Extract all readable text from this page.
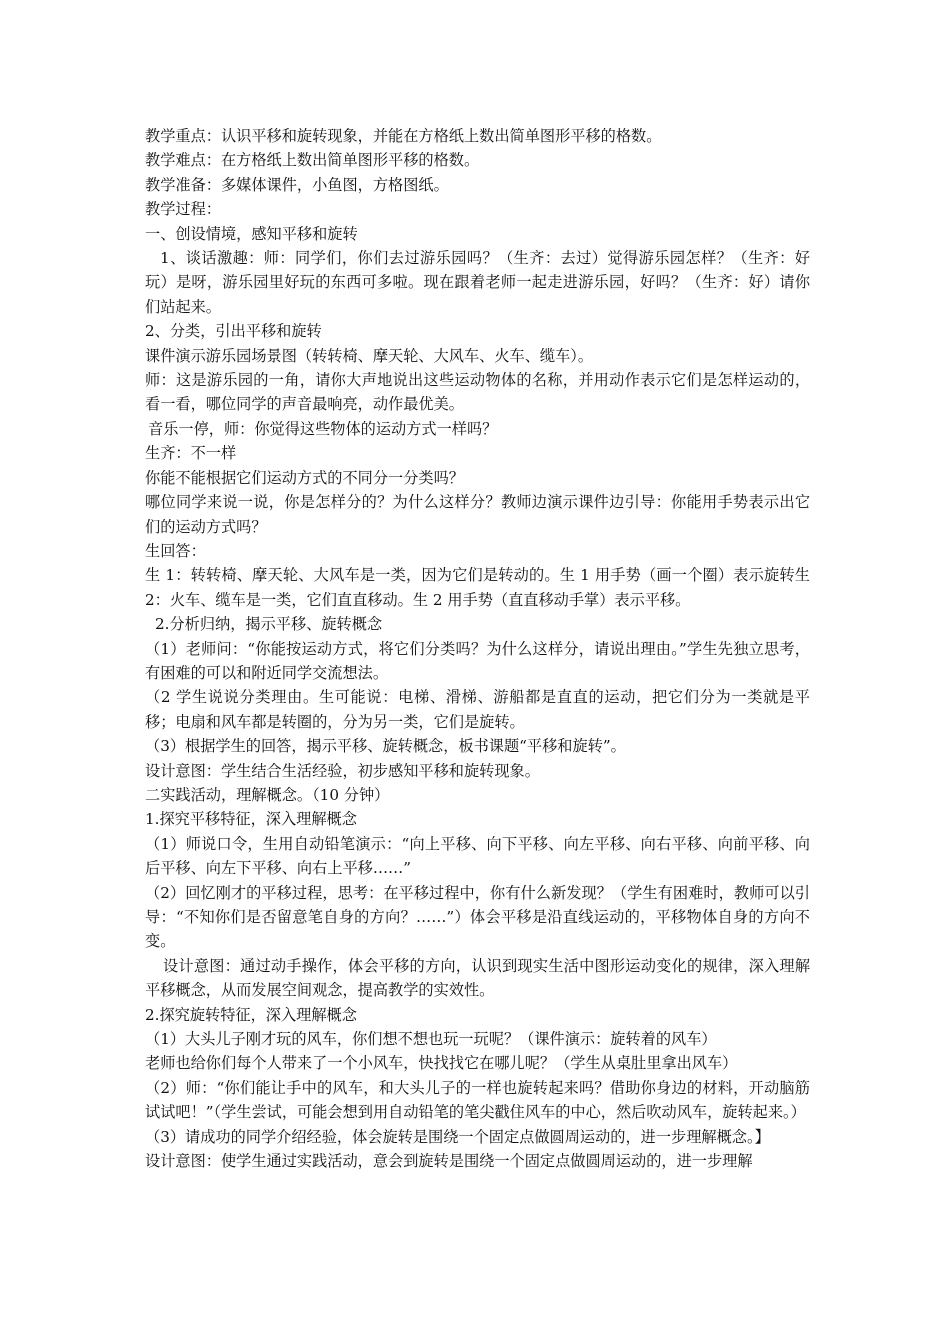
教学重点：认识平移和旋转现象，并能在方格纸上数出简单图形平移的格数。

教学难点：在方格纸上数出简单图形平移的格数。

教学准备：多媒体课件，小鱼图，方格图纸。

教学过程：

一、创设情境，感知平移和旋转

1、谈话激趣：师：同学们，你们去过游乐园吗？（生齐：去过）觉得游乐园怎样？（生齐：好玩）是呀，游乐园里好玩的东西可多啦。现在跟着老师一起走进游乐园，好吗？（生齐：好）请你们站起来。

2、分类，引出平移和旋转

课件演示游乐园场景图（转转椅、摩天轮、大风车、火车、缆车）。

师：这是游乐园的一角，请你大声地说出这些运动物体的名称，并用动作表示它们是怎样运动的，看一看，哪位同学的声音最响亮，动作最优美。

音乐一停，师：你觉得这些物体的运动方式一样吗？

生齐：不一样

你能不能根据它们运动方式的不同分一分类吗？

哪位同学来说一说，你是怎样分的？为什么这样分？教师边演示课件边引导：你能用手势表示出它们的运动方式吗？

生回答：

生 1：转转椅、摩天轮、大风车是一类，因为它们是转动的。生 1 用手势（画一个圈）表示旋转生 2：火车、缆车是一类，它们直直移动。生 2 用手势（直直移动手掌）表示平移。

2.分析归纳，揭示平移、旋转概念

（1）老师问：“你能按运动方式，将它们分类吗？为什么这样分，请说出理由。”学生先独立思考，有困难的可以和附近同学交流想法。

（2 学生说说分类理由。生可能说：电梯、滑梯、游船都是直直的运动，把它们分为一类就是平移；电扇和风车都是转圈的，分为另一类，它们是旋转。

（3）根据学生的回答，揭示平移、旋转概念，板书课题“平移和旋转”。

设计意图：学生结合生活经验，初步感知平移和旋转现象。

二实践活动，理解概念。（10 分钟）

1.探究平移特征，深入理解概念

（1）师说口令，生用自动铅笔演示：“向上平移、向下平移、向左平移、向右平移、向前平移、向后平移、向左下平移、向右上平移……”

（2）回忆刚才的平移过程，思考：在平移过程中，你有什么新发现？（学生有困难时，教师可以引导：“不知你们是否留意笔自身的方向？……”）体会平移是沿直线运动的，平移物体自身的方向不变。

设计意图：通过动手操作，体会平移的方向，认识到现实生活中图形运动变化的规律，深入理解平移概念，从而发展空间观念，提高教学的实效性。

2.探究旋转特征，深入理解概念

（1）大头儿子刚才玩的风车，你们想不想也玩一玩呢？（课件演示：旋转着的风车）

老师也给你们每个人带来了一个小风车，快找找它在哪儿呢？（学生从桌肚里拿出风车）

（2）师：“你们能让手中的风车，和大头儿子的一样也旋转起来吗？借助你身边的材料，开动脑筋试试吧！”（学生尝试，可能会想到用自动铅笔的笔尖戳住风车的中心，然后吹动风车，旋转起来。）

（3）请成功的同学介绍经验，体会旋转是围绕一个固定点做圆周运动的，进一步理解概念。】

设计意图：使学生通过实践活动，意会到旋转是围绕一个固定点做圆周运动的，进一步理解
